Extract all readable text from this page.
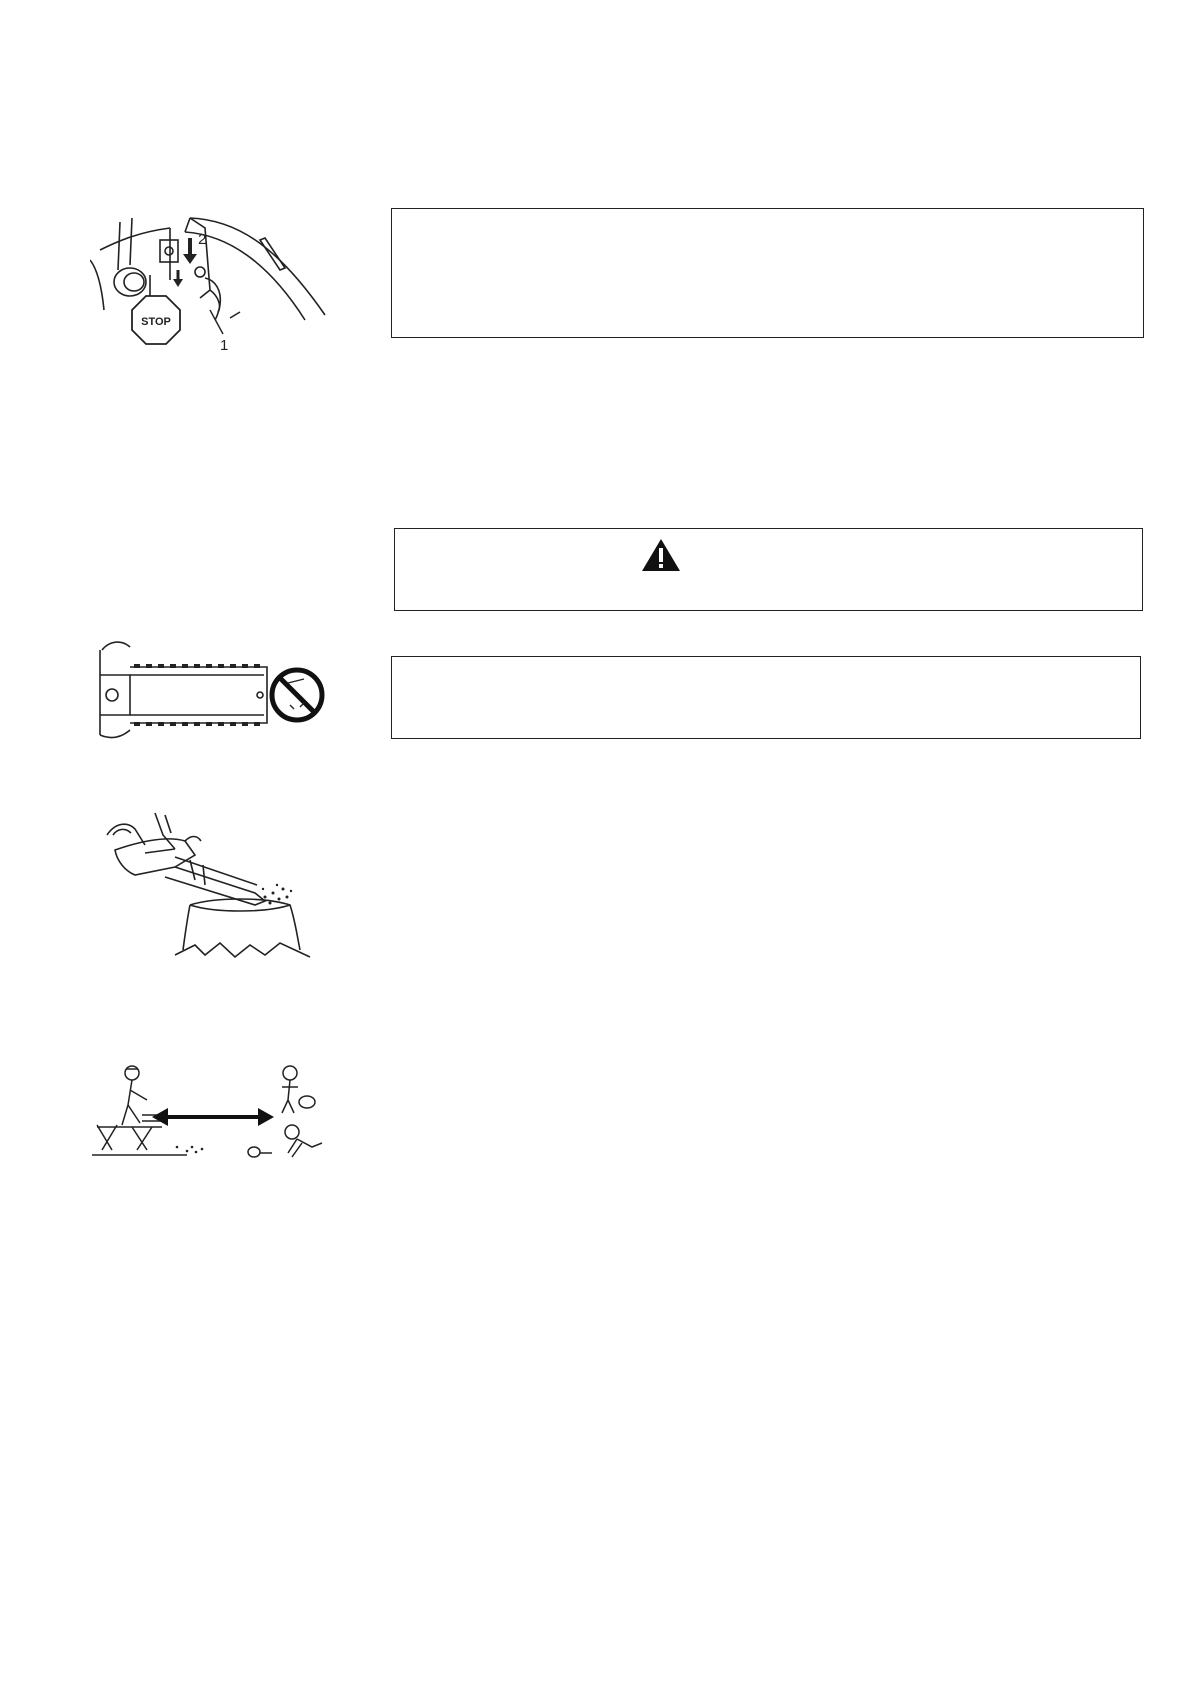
2
1
STOP
